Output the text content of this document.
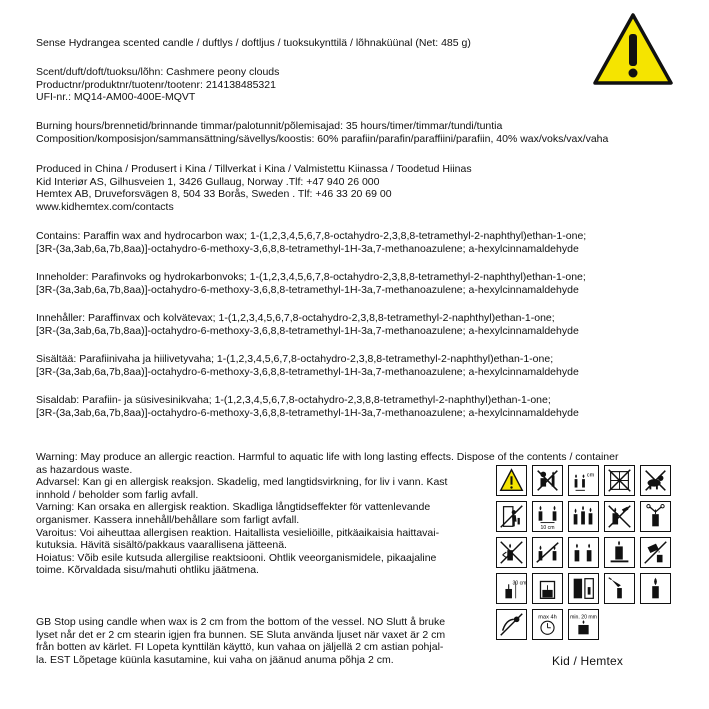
Sense Hydrangea scented candle / duftlys / doftljus / tuoksukynttilä / lõhnaküünal (Net: 485 g)
Scent/duft/doft/tuoksu/lõhn: Cashmere peony clouds
Productnr/produktnr/tuotenr/tootenr: 214138485321
UFI-nr.: MQ14-AM00-400E-MQVT
Burning hours/brennetid/brinnande timmar/palotunnit/põlemisajad: 35 hours/timer/timmar/tundi/tuntia
Composition/komposisjon/sammansättning/sävellys/koostis: 60% parafiin/parafin/paraffiini/parafiin, 40% wax/voks/vax/vaha
Produced in China / Produsert i Kina / Tillverkat i Kina / Valmistettu Kiinassa / Toodetud Hiinas
Kid Interiør AS, Gilhusveien 1, 3426 Gullaug, Norway .Tlf: +47 940 26 000
Hemtex AB, Druveforsvägen 8, 504 33 Borås, Sweden . Tlf: +46 33 20 69 00
www.kidhemtex.com/contacts
Contains: Paraffin wax and hydrocarbon wax; 1-(1,2,3,4,5,6,7,8-octahydro-2,3,8,8-tetramethyl-2-naphthyl)ethan-1-one;
[3R-(3a,3ab,6a,7b,8aa)]-octahydro-6-methoxy-3,6,8,8-tetramethyl-1H-3a,7-methanoazulene; a-hexylcinnamaldehyde
Inneholder: Parafinvoks og hydrokarbonvoks; 1-(1,2,3,4,5,6,7,8-octahydro-2,3,8,8-tetramethyl-2-naphthyl)ethan-1-one;
[3R-(3a,3ab,6a,7b,8aa)]-octahydro-6-methoxy-3,6,8,8-tetramethyl-1H-3a,7-methanoazulene; a-hexylcinnamaldehyde
Innehåller: Paraffinvax och kolvätevax; 1-(1,2,3,4,5,6,7,8-octahydro-2,3,8,8-tetramethyl-2-naphthyl)ethan-1-one;
[3R-(3a,3ab,6a,7b,8aa)]-octahydro-6-methoxy-3,6,8,8-tetramethyl-1H-3a,7-methanoazulene; a-hexylcinnamaldehyde
Sisältää: Parafiinivaha ja hiilivetyvaha; 1-(1,2,3,4,5,6,7,8-octahydro-2,3,8,8-tetramethyl-2-naphthyl)ethan-1-one;
[3R-(3a,3ab,6a,7b,8aa)]-octahydro-6-methoxy-3,6,8,8-tetramethyl-1H-3a,7-methanoazulene; a-hexylcinnamaldehyde
Sisaldab: Parafiin- ja süsivesinikvaha; 1-(1,2,3,4,5,6,7,8-octahydro-2,3,8,8-tetramethyl-2-naphthyl)ethan-1-one;
[3R-(3a,3ab,6a,7b,8aa)]-octahydro-6-methoxy-3,6,8,8-tetramethyl-1H-3a,7-methanoazulene; a-hexylcinnamaldehyde
Warning: May produce an allergic reaction. Harmful to aquatic life with long lasting effects. Dispose of the contents / container
as hazardous waste.
Advarsel: Kan gi en allergisk reaksjon. Skadelig, med langtidsvirkning, for liv i vann. Kast
innhold / beholder som farlig avfall.
Varning: Kan orsaka en allergisk reaktion. Skadliga långtidseffekter för vattenlevande
organismer. Kassera innehåll/behållare som farligt avfall.
Varoitus: Voi aiheuttaa allergisen reaktion. Haitallista vesieliöille, pitkäaikaisia haittavai-
kutuksia. Hävitä sisältö/pakkaus vaarallisena jätteenä.
Hoiatus: Võib esile kutsuda allergilise reaktsiooni. Ohtlik veeorganismidele, pikaajaline
toime. Kõrvaldada sisu/mahuti ohtliku jäätmena.
GB Stop using candle when wax is 2 cm from the bottom of the vessel. NO Slutt å bruke
lyset når det er 2 cm stearin igjen fra bunnen. SE Sluta använda ljuset när vaxet är 2 cm
från botten av kärlet. FI Lopeta kynttilän käyttö, kun vahaa on jäljellä 2 cm astian pohjal-
la. EST Lõpetage küünla kasutamine, kui vaha on jäänud anuma põhja 2 cm.
cm
10 cm
30 cm
max 4h min. 20 mm
Kid / Hemtex
